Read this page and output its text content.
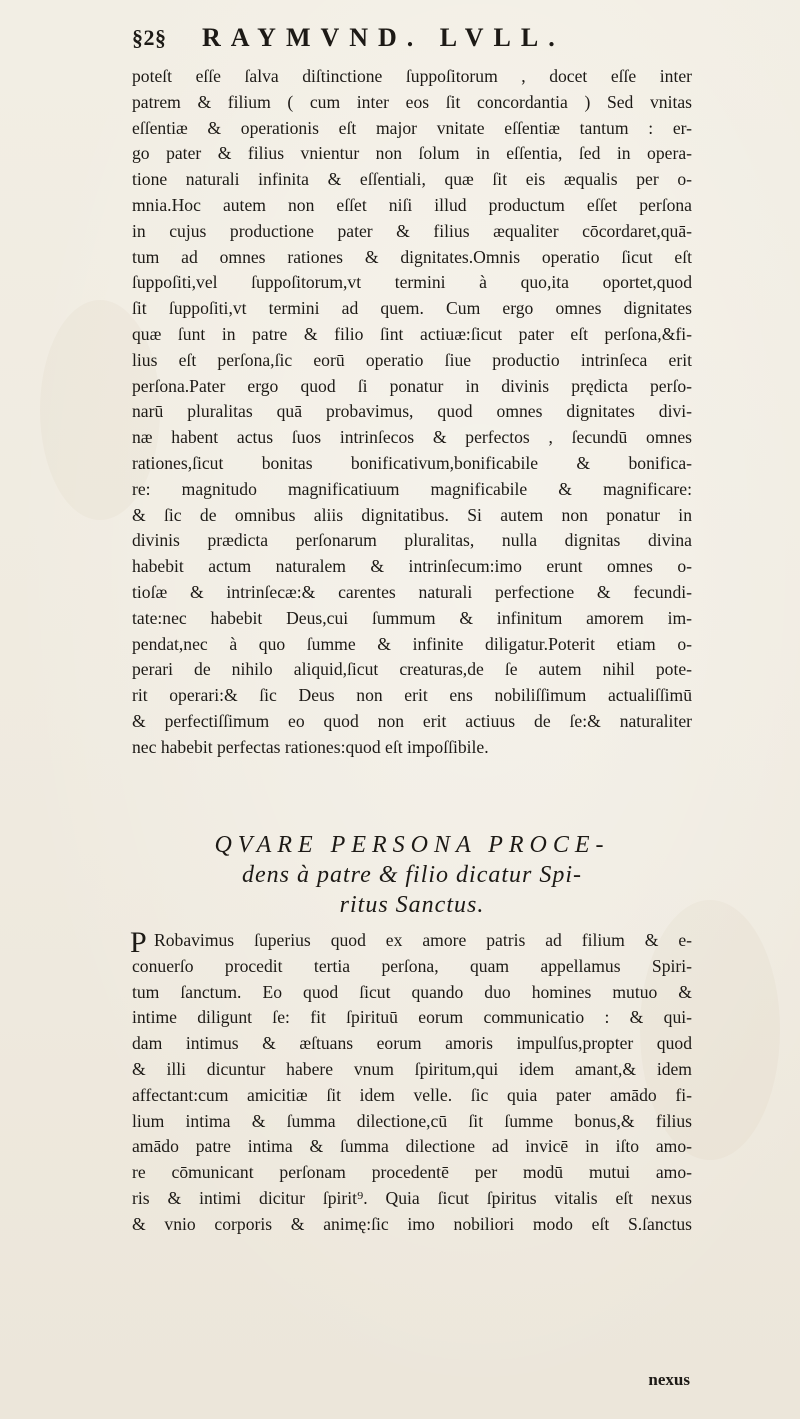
§2§	RAYMVND. LVLL.
poteſt eſſe ſalva diſtinctione ſuppoſitorum , docet eſſe inter
patrem & filium ( cum inter eos ſit concordantia ) Sed vnitas
eſſentiæ & operationis eſt major vnitate eſſentiæ tantum : er-
go pater & filius vnientur non ſolum in eſſentia, ſed in opera-
tione naturali infinita & eſſentiali, quæ ſit eis æqualis per o-
mnia.Hoc autem non eſſet niſi illud productum eſſet perſona
in cujus productione pater & filius æqualiter cōcordaret,quā-
tum ad omnes rationes & dignitates.Omnis operatio ſicut eſt
ſuppoſiti,vel ſuppoſitorum,vt termini à quo,ita oportet,quod
ſit ſuppoſiti,vt termini ad quem. Cum ergo omnes dignitates
quæ ſunt in patre & filio ſint actiuæ:ſicut pater eſt perſona,&fi-
lius eſt perſona,ſic eorū operatio ſiue productio intrinſeca erit
perſona.Pater ergo quod ſi ponatur in divinis prędicta perſo-
narū pluralitas quā probavimus, quod omnes dignitates divi-
næ habent actus ſuos intrinſecos & perfectos , ſecundū omnes
rationes,ſicut bonitas bonificativum,bonificabile & bonifica-
re: magnitudo magnificatiuum magnificabile & magnificare:
& ſic de omnibus aliis dignitatibus. Si autem non ponatur in
divinis prædicta perſonarum pluralitas, nulla dignitas divina
habebit actum naturalem & intrinſecum:imo erunt omnes o-
tioſæ & intrinſecæ:& carentes naturali perfectione & fecundi-
tate:nec habebit Deus,cui ſummum & infinitum amorem im-
pendat,nec à quo ſumme & infinite diligatur.Poterit etiam o-
perari de nihilo aliquid,ſicut creaturas,de ſe autem nihil pote-
rit operari:& ſic Deus non erit ens nobiliſſimum actualiſſimū
& perfectiſſimum eo quod non erit actiuus de ſe:& naturaliter
nec habebit perfectas rationes:quod eſt impoſſibile.
QVARE PERSONA PROCE-
dens à patre & filio dicatur Spi-
ritus Sanctus.
P Robavimus ſuperius quod ex amore patris ad filium & e-
conuerſo procedit tertia perſona, quam appellamus Spiri-
tum ſanctum. Eo quod ſicut quando duo homines mutuo &
intime diligunt ſe: fit ſpirituū eorum communicatio : & qui-
dam intimus & æſtuans eorum amoris impulſus,propter quod
& illi dicuntur habere vnum ſpiritum,qui idem amant,& idem
affectant:cum amicitiæ ſit idem velle. ſic quia pater amādo fi-
lium intima & ſumma dilectione,cū ſit ſumme bonus,& filius
amādo patre intima & ſumma dilectione ad invicē in iſto amo-
re cōmunicant perſonam procedentē per modū mutui amo-
ris & intimi dicitur ſpirit⁹. Quia ſicut ſpiritus vitalis eſt nexus
& vnio corporis & animę:ſic imo nobiliori modo eſt S.ſanctus
nexus
